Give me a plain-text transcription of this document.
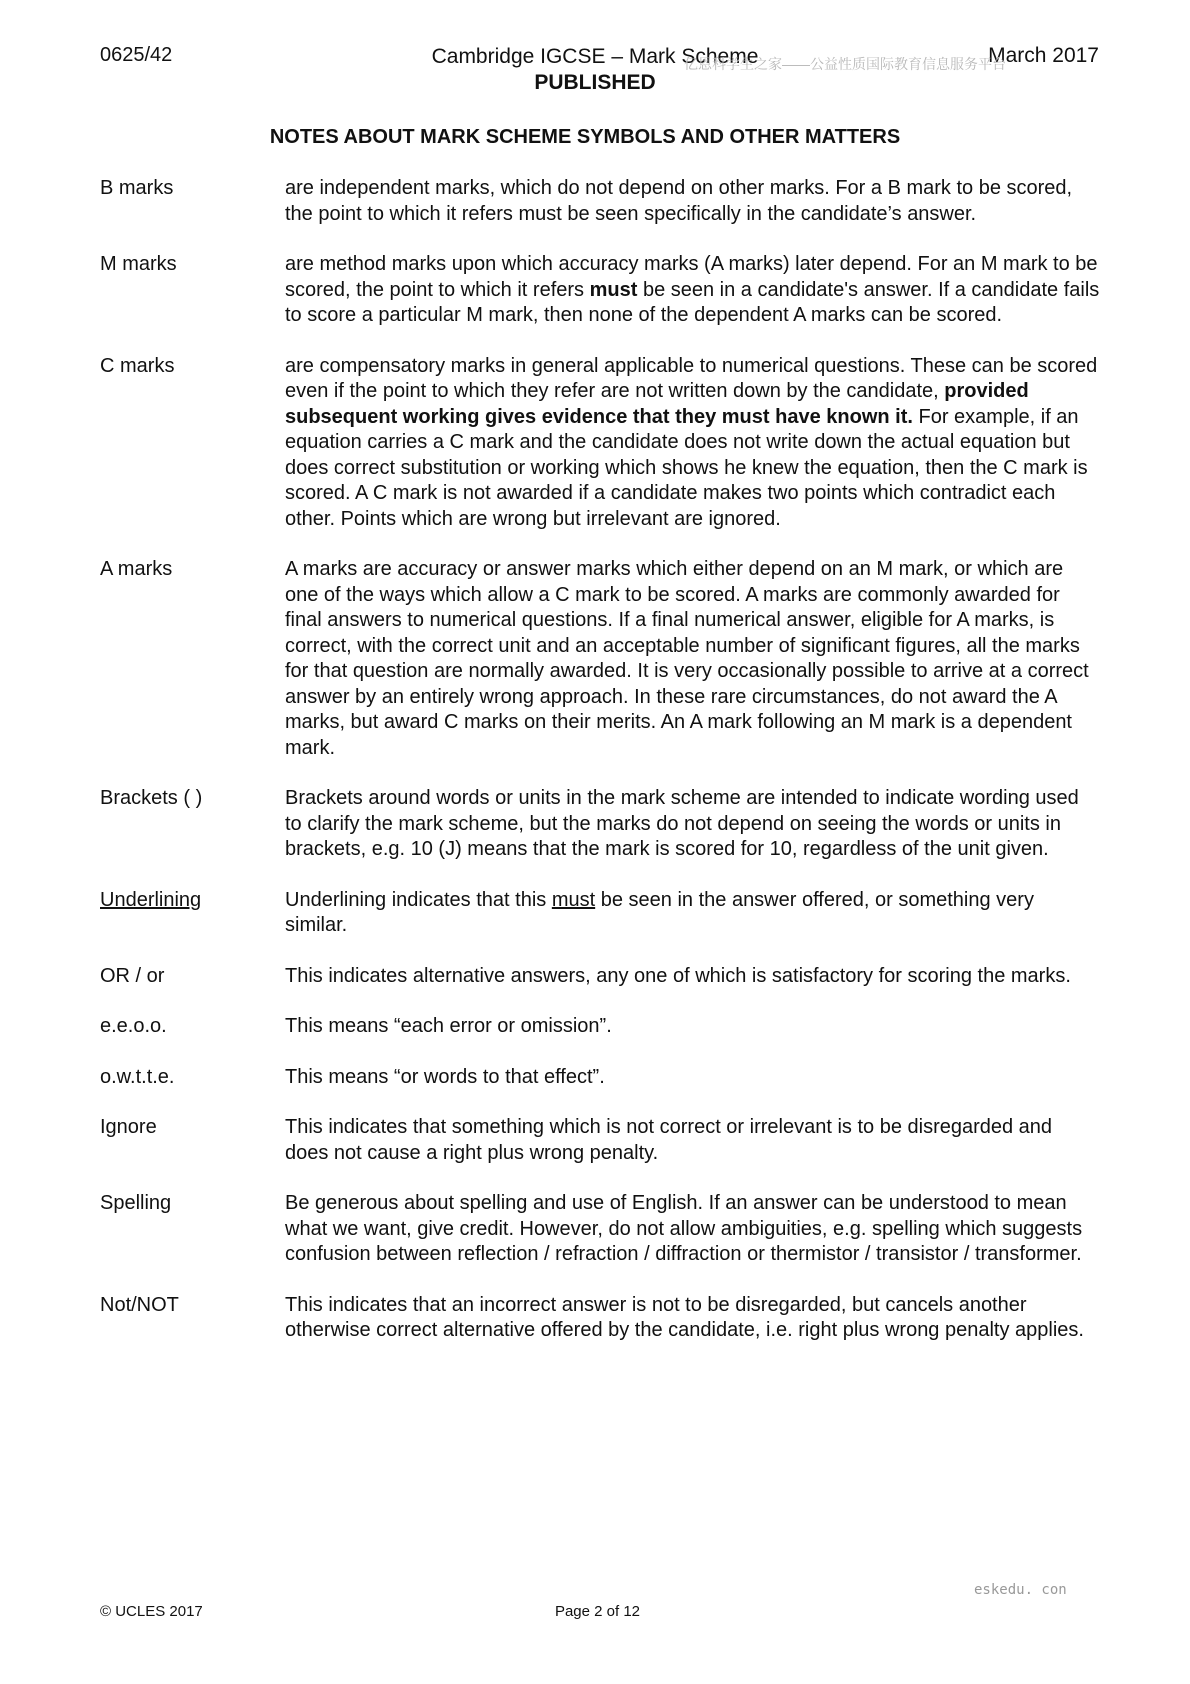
0625/42	Cambridge IGCSE – Mark Scheme
PUBLISHED
March 2017
亿恩科学生之家——公益性质国际教育信息服务平台
NOTES ABOUT MARK SCHEME SYMBOLS AND OTHER MATTERS
B marks	are independent marks, which do not depend on other marks. For a B mark to be scored, the point to which it refers must be seen specifically in the candidate’s answer.
M marks	are method marks upon which accuracy marks (A marks) later depend. For an M mark to be scored, the point to which it refers must be seen in a candidate's answer. If a candidate fails to score a particular M mark, then none of the dependent A marks can be scored.
C marks	are compensatory marks in general applicable to numerical questions. These can be scored even if the point to which they refer are not written down by the candidate, provided subsequent working gives evidence that they must have known it. For example, if an equation carries a C mark and the candidate does not write down the actual equation but does correct substitution or working which shows he knew the equation, then the C mark is scored. A C mark is not awarded if a candidate makes two points which contradict each other. Points which are wrong but irrelevant are ignored.
A marks	A marks are accuracy or answer marks which either depend on an M mark, or which are one of the ways which allow a C mark to be scored. A marks are commonly awarded for final answers to numerical questions. If a final numerical answer, eligible for A marks, is correct, with the correct unit and an acceptable number of significant figures, all the marks for that question are normally awarded. It is very occasionally possible to arrive at a correct answer by an entirely wrong approach. In these rare circumstances, do not award the A marks, but award C marks on their merits. An A mark following an M mark is a dependent mark.
Brackets ( )	Brackets around words or units in the mark scheme are intended to indicate wording used to clarify the mark scheme, but the marks do not depend on seeing the words or units in brackets, e.g. 10 (J) means that the mark is scored for 10, regardless of the unit given.
Underlining	Underlining indicates that this must be seen in the answer offered, or something very similar.
OR / or	This indicates alternative answers, any one of which is satisfactory for scoring the marks.
e.e.o.o.	This means “each error or omission”.
o.w.t.t.e.	This means “or words to that effect”.
Ignore	This indicates that something which is not correct or irrelevant is to be disregarded and does not cause a right plus wrong penalty.
Spelling	Be generous about spelling and use of English. If an answer can be understood to mean what we want, give credit. However, do not allow ambiguities, e.g. spelling which suggests confusion between reflection / refraction / diffraction or thermistor / transistor / transformer.
Not/NOT	This indicates that an incorrect answer is not to be disregarded, but cancels another otherwise correct alternative offered by the candidate, i.e. right plus wrong penalty applies.
eskedu. con
© UCLES 2017	Page 2 of 12
